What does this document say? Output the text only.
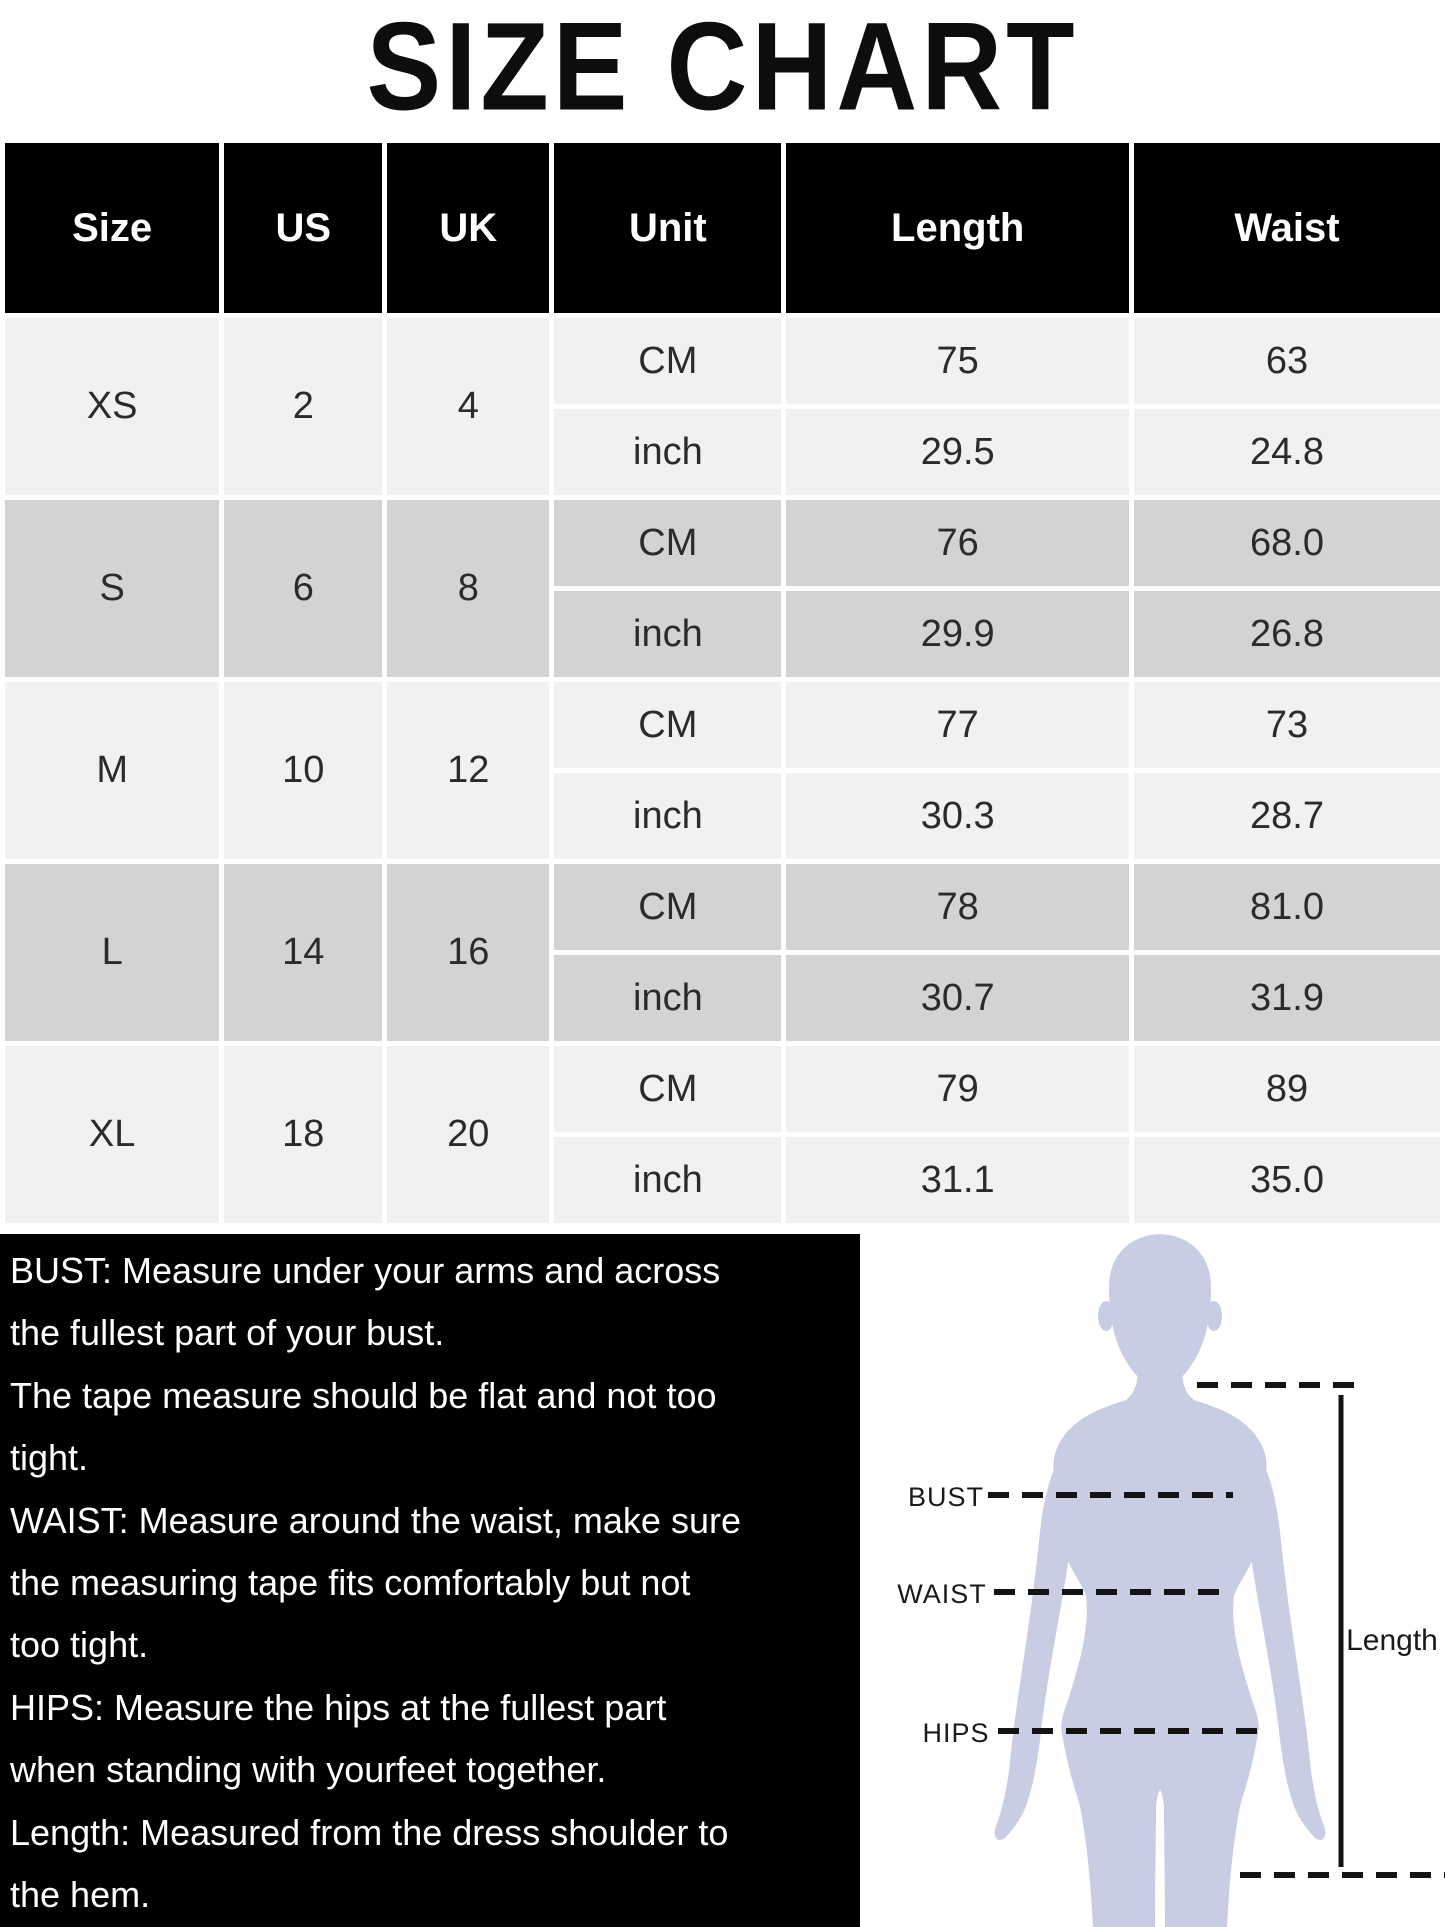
SIZE CHART
Size	US	UK	Unit	Length	Waist
XS	2	4	CM	75	63
			inch	29.5	24.8
S	6	8	CM	76	68.0
			inch	29.9	26.8
M	10	12	CM	77	73
			inch	30.3	28.7
L	14	16	CM	78	81.0
			inch	30.7	31.9
XL	18	20	CM	79	89
			inch	31.1	35.0
BUST: Measure under your arms and across
the fullest part of your bust.
The tape measure should be flat and not too
tight.
WAIST: Measure around the waist, make sure
the measuring tape fits comfortably but not
too tight.
HIPS: Measure the hips at the fullest part
when standing with yourfeet together.
Length: Measured from the dress shoulder to
the hem.
BUST
WAIST
HIPS
Length
